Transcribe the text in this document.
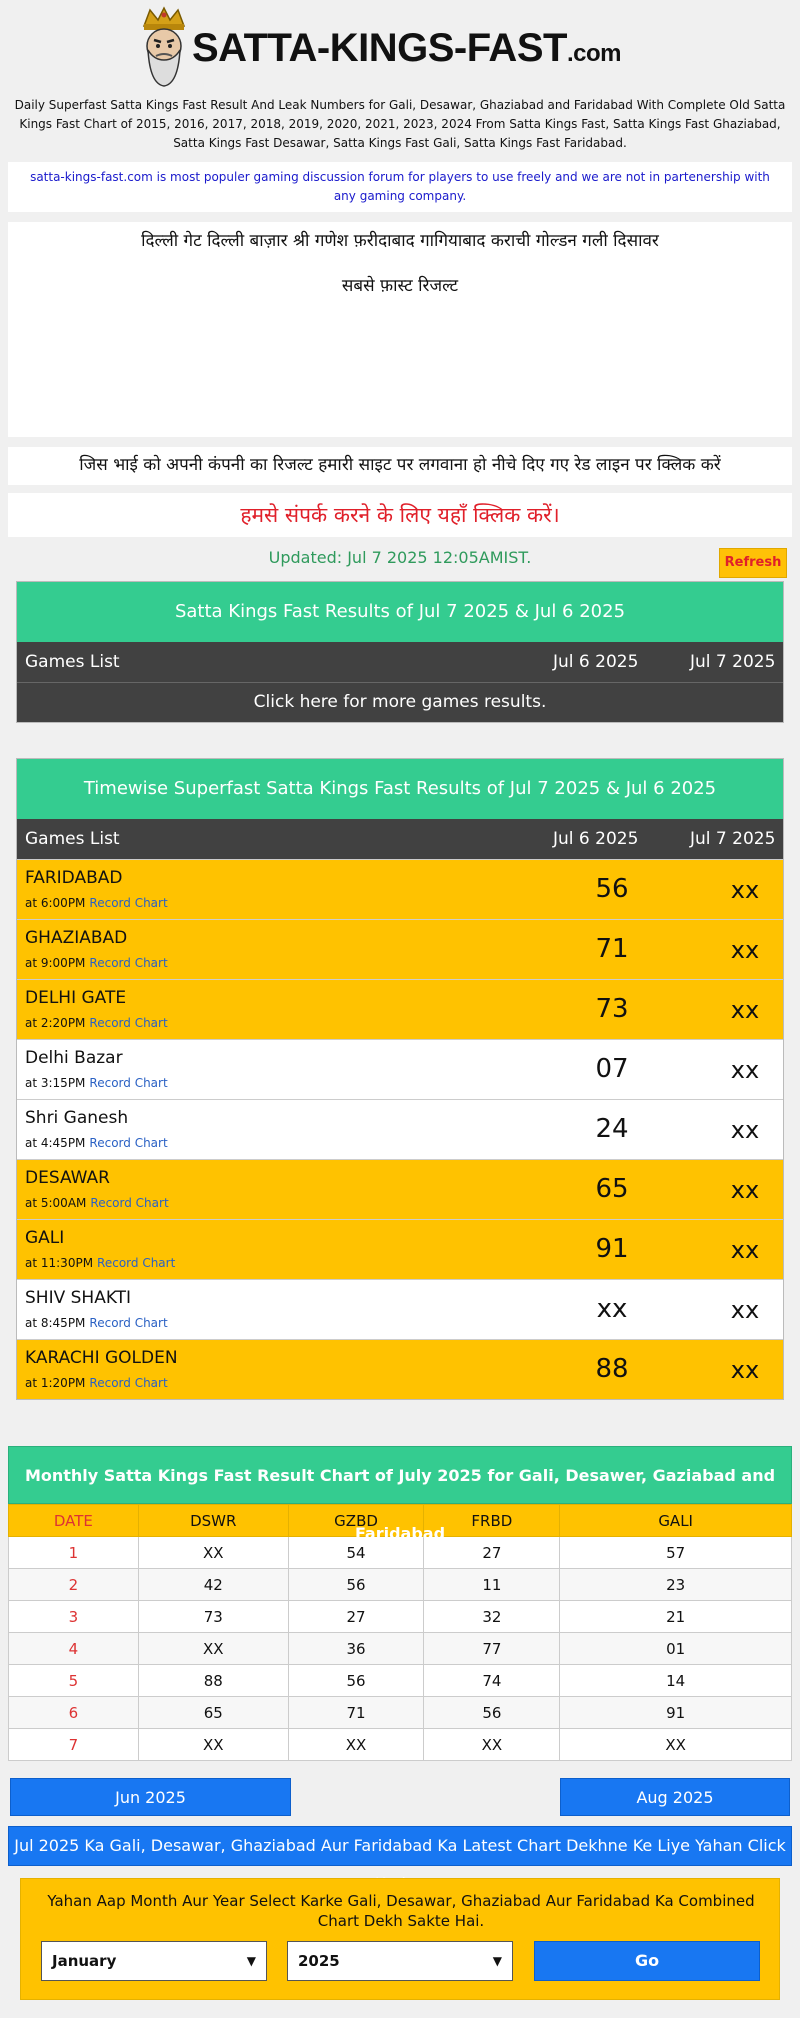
SATTA-KINGS-FAST.com
Daily Superfast Satta Kings Fast Result And Leak Numbers for Gali, Desawar, Ghaziabad and Faridabad With Complete Old Satta Kings Fast Chart of 2015, 2016, 2017, 2018, 2019, 2020, 2021, 2023, 2024 From Satta Kings Fast, Satta Kings Fast Ghaziabad, Satta Kings Fast Desawar, Satta Kings Fast Gali, Satta Kings Fast Faridabad.
satta-kings-fast.com is most populer gaming discussion forum for players to use freely and we are not in partenership with any gaming company.
दिल्ली गेट दिल्ली बाज़ार श्री गणेश फ़रीदाबाद गागियाबाद कराची गोल्डन गली दिसावर
सबसे फ़ास्ट रिजल्ट
जिस भाई को अपनी कंपनी का रिजल्ट हमारी साइट पर लगवाना हो नीचे दिए गए रेड लाइन पर क्लिक करें
हमसे संपर्क करने के लिए यहाँ क्लिक करें।
Updated: Jul 7 2025 12:05AMIST.	Refresh
Satta Kings Fast Results of Jul 7 2025 & Jul 6 2025
Games List	Jul 6 2025	Jul 7 2025
Click here for more games results.
Timewise Superfast Satta Kings Fast Results of Jul 7 2025 & Jul 6 2025
Games List	Jul 6 2025	Jul 7 2025
FARIDABAD
at 6:00PM Record Chart	56	xx
GHAZIABAD
at 9:00PM Record Chart	71	xx
DELHI GATE
at 2:20PM Record Chart	73	xx
Delhi Bazar
at 3:15PM Record Chart	07	xx
Shri Ganesh
at 4:45PM Record Chart	24	xx
DESAWAR
at 5:00AM Record Chart	65	xx
GALI
at 11:30PM Record Chart	91	xx
SHIV SHAKTI
at 8:45PM Record Chart	xx	xx
KARACHI GOLDEN
at 1:20PM Record Chart	88	xx
Monthly Satta Kings Fast Result Chart of July 2025 for Gali, Desawer, Gaziabad and Faridabad
DATE	DSWR	GZBD	FRBD	GALI
1	XX	54	27	57
2	42	56	11	23
3	73	27	32	21
4	XX	36	77	01
5	88	56	74	14
6	65	71	56	91
7	XX	XX	XX	XX
Jun 2025	Aug 2025
Jul 2025 Ka Gali, Desawar, Ghaziabad Aur Faridabad Ka Latest Chart Dekhne Ke Liye Yahan Click
Yahan Aap Month Aur Year Select Karke Gali, Desawar, Ghaziabad Aur Faridabad Ka Combined Chart Dekh Sakte Hai.
January	▼	2025	▼	Go
